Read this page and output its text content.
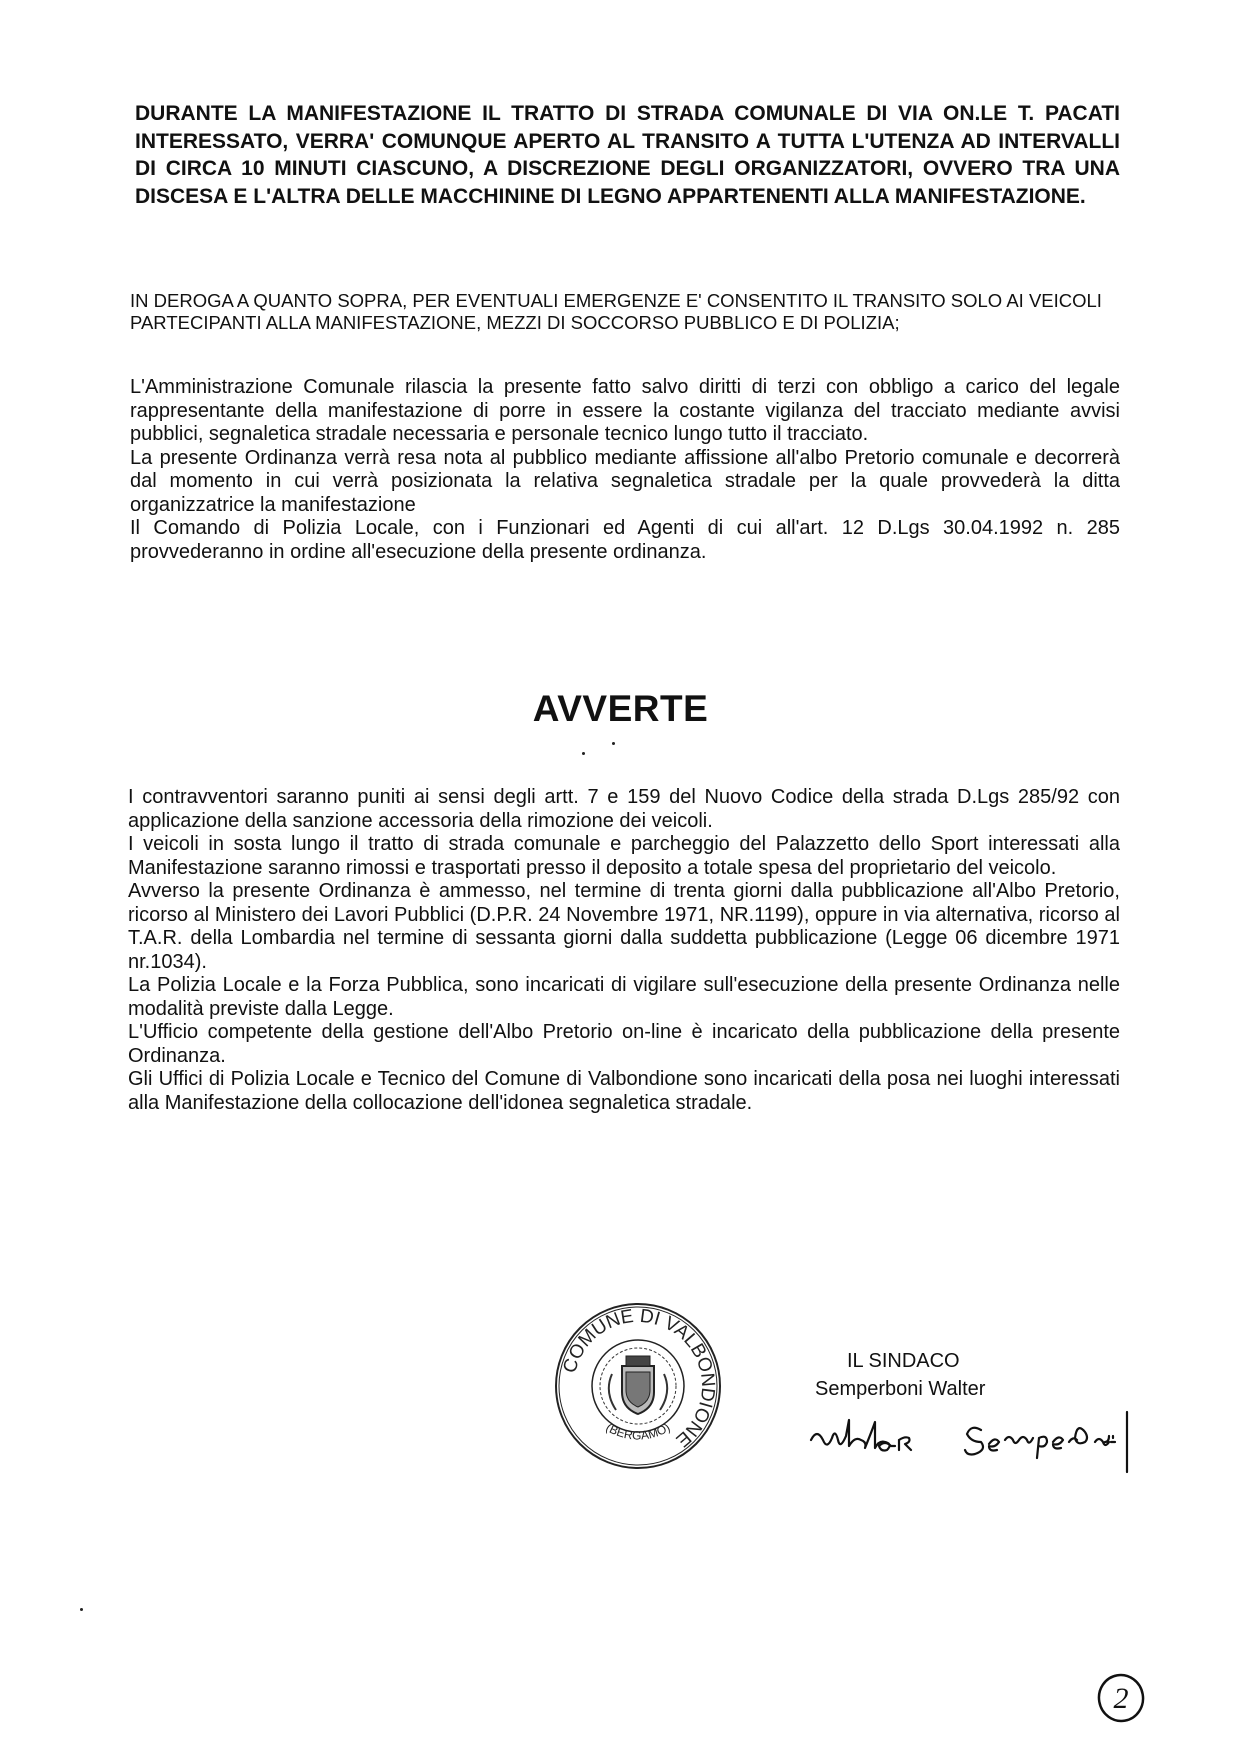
DURANTE LA MANIFESTAZIONE IL TRATTO DI STRADA COMUNALE DI VIA ON.LE T. PACATI INTERESSATO, VERRA' COMUNQUE APERTO AL TRANSITO A TUTTA L'UTENZA AD INTERVALLI DI CIRCA 10 MINUTI CIASCUNO, A DISCREZIONE DEGLI ORGANIZZATORI, OVVERO TRA UNA DISCESA E L'ALTRA DELLE MACCHININE DI LEGNO APPARTENENTI ALLA MANIFESTAZIONE.

IN DEROGA A QUANTO SOPRA, PER EVENTUALI EMERGENZE E' CONSENTITO IL TRANSITO SOLO AI VEICOLI PARTECIPANTI ALLA MANIFESTAZIONE, MEZZI DI SOCCORSO PUBBLICO E DI POLIZIA;

L'Amministrazione Comunale rilascia la presente fatto salvo diritti di terzi con obbligo a carico del legale rappresentante della manifestazione di porre in essere la costante vigilanza del tracciato mediante avvisi pubblici, segnaletica stradale necessaria e personale tecnico lungo tutto il tracciato.

La presente Ordinanza verrà resa nota al pubblico mediante affissione all'albo Pretorio comunale e decorrerà dal momento in cui verrà posizionata la relativa segnaletica stradale per la quale provvederà la ditta organizzatrice la manifestazione

Il Comando di Polizia Locale, con i Funzionari ed Agenti di cui all'art. 12 D.Lgs 30.04.1992 n. 285 provvederanno in ordine all'esecuzione della presente ordinanza.

AVVERTE

I contravventori saranno puniti ai sensi degli artt. 7 e 159 del Nuovo Codice della strada D.Lgs 285/92 con applicazione della sanzione accessoria della rimozione dei veicoli.

I veicoli in sosta lungo il tratto di strada comunale e parcheggio del Palazzetto dello Sport interessati alla Manifestazione saranno rimossi e trasportati presso il deposito a totale spesa del proprietario del veicolo.

Avverso la presente Ordinanza è ammesso, nel termine di trenta giorni dalla pubblicazione all'Albo Pretorio, ricorso al Ministero dei Lavori Pubblici (D.P.R. 24 Novembre 1971, NR.1199), oppure in via alternativa, ricorso al T.A.R. della Lombardia nel termine di sessanta giorni dalla suddetta pubblicazione (Legge 06 dicembre 1971 nr.1034).

La Polizia Locale e la Forza Pubblica, sono incaricati di vigilare sull'esecuzione della presente Ordinanza nelle modalità previste dalla Legge.

L'Ufficio competente della gestione dell'Albo Pretorio on-line è incaricato della pubblicazione della presente Ordinanza.

Gli Uffici di Polizia Locale e Tecnico del Comune di Valbondione sono incaricati della posa nei luoghi interessati alla Manifestazione della collocazione dell'idonea segnaletica stradale.

COMUNE DI VALBONDIONE
(BERGAMO)

IL SINDACO

Semperboni Walter

2
